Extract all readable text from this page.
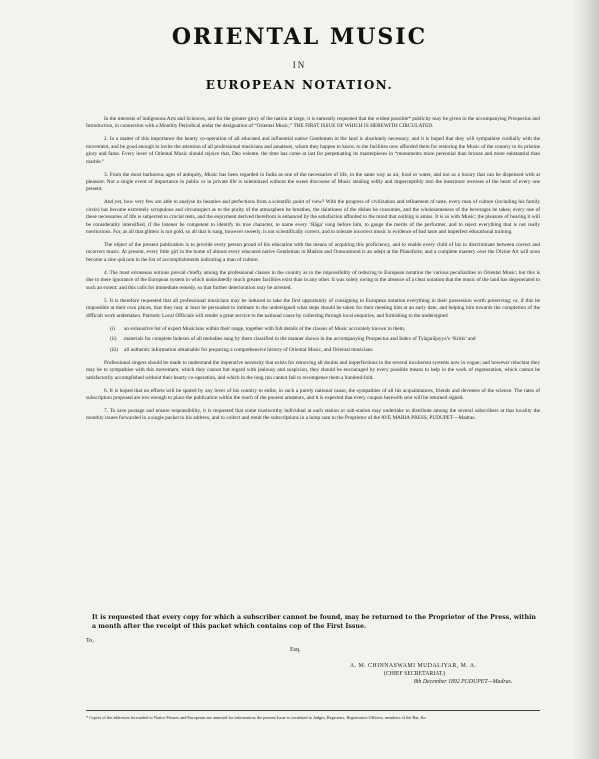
ORIENTAL MUSIC
IN
EUROPEAN NOTATION.

In the interests of indigenous Arts and Sciences, and for the greater glory of the nation at large, it is earnestly requested that the widest possible* publicity may be given to the accompanying Prospectus and Introduction, in connection with a Monthly Periodical under the designation of “Oriental Music,” THE FIRST ISSUE OF WHICH IS HEREWITH CIRCULATED.

2. In a matter of this importance the hearty co-operation of all educated and influential native Gentlemen in the land is absolutely necessary, and it is hoped that they will sympathise cordially with the movement, and be good enough to invite the attention of all professional musicians and amateurs, whom they happen to know, to the facilities now afforded them for restoring the Music of the country to its pristine glory and fame. Every lover of Oriental Music should rejoice that, Deo volente, the time has come at last for perpetuating its masterpieces in “monuments more perennial than bronze and more substantial than marble.”

3. From the most barbarous ages of antiquity, Music has been regarded in India as one of the necessaries of life, in the same way as air, food or water, and not as a luxury that can be dispensed with at pleasure. Not a single event of importance in public or in private life is solemnized without the sweet discourse of Music stealing softly and imperceptibly into the innermost recesses of the heart of every one present.

And yet, how very few are able to analyse its beauties and perfections from a scientific point of view? With the progress of civilization and refinement of taste, every man of culture (including his family circle) has become extremely scrupulous and circumspect as to the purity of the atmosphere he breathes, the daintiness of the dishes he consumes, and the wholesomeness of the beverages he takes; every one of these necessaries of life is subjected to crucial tests, and the enjoyment derived therefrom is enhanced by the satisfaction afforded to the mind that nothing is amiss. It is so with Music; the pleasure of hearing it will be considerably intensified, if the listener be competent to identify its true character, to name every ‘Rāga’ sung before him, to gauge the merits of the performer, and to reject everything that is not really meritorious. For, as all that glitters is not gold, so all that is sung, however sweetly, is not scientifically correct, and to tolerate incorrect music is evidence of bad taste and imperfect educational training.

The object of the present publication is to provide every person proud of his education with the means of acquiring this proficiency, and to enable every child of his to discriminate between correct and incorrect music. At present, every little girl in the home of almost every educated native Gentleman in Madras and Ootacamund is an adept at the Pianoforte, and a complete mastery over the Divine Art will soon become a sine quâ non in the list of accomplishments indicating a man of culture.

4. The most erroneous notions prevail chiefly among the professional classes in the country as to the impossibility of reducing to European notation the various peculiarities in Oriental Music; but this is due to mere ignorance of the European system in which undoubtedly much greater facilities exist than in any other. It was solely owing to the absence of a clear notation that the music of the land has degenerated to such an extent; and this calls for immediate remedy, so that further deterioration may be arrested.

5. It is therefore requested that all professional musicians may be induced to take the first opportunity of consigning to European notation everything in their possession worth preserving; or, if this be impossible at their own places, that they may at least be persuaded to intimate to the undersigned what steps should be taken for their meeting him at an early date, and helping him towards the completion of the difficult work undertaken. Patriotic Local Officials will render a great service to the national cause by collecting through local enquiries, and furnishing to the undersigned

(i)	an exhaustive list of expert Musicians within their range, together with full details of the classes of Music accurately known to them,
(ii)	materials for complete Indexes of all melodies sung by them classified in the manner shown in the accompanying Prospectus and Index of Tyāgarājayya’s ‘Kritis’ and
(iii)	all authentic information obtainable for preparing a comprehensive history of Oriental Music, and Oriental musicians.

Professional singers should be made to understand the imperative necessity that exists for removing all doubts and imperfections in the several incoherent systems now in vogue; and however reluctant they may be to sympathise with this movement, which they cannot but regard with jealousy and suspicion, they should be encouraged by every possible means to help in the work of regeneration, which cannot be satisfactorily accomplished without their hearty co-operation, and which in the long run cannot fail to recompense them a hundred-fold.

6. It is hoped that no efforts will be spared by any lover of his country to enlist, in such a purely national cause, the sympathies of all his acquaintances, friends and devotees of the science. The rates of subscription proposed are low enough to place the publication within the reach of the poorest amateurs, and it is expected that every coupon herewith sent will be returned signed.

7. To save postage and ensure responsibility, it is requested that some trustworthy individual at each station or sub-station may undertake to distribute among the several subscribers at that locality the monthly issues forwarded in a single packet to his address, and to collect and remit the subscriptions in a lump sum to the Proprietor of the AVE MARIA PRESS, PUDUPET—Madras.

It is requested that every copy for which a subscriber cannot be found, may be returned to the Proprietor of the Press, within a month after the receipt of this packet which contains cop of the First Issue.
To,
Esq.
A. M. CHINNASWAMI MUDALIYAR, M. A.
(CHIEF SECRETARIAT.)
8th December 1892 PUDUPET—Madras.
* Copies of the addresses forwarded to Native Princes and Europeans are annexed for information; the present Issue is circulated to Judges, Registrars, Registration Officers, members of the Bar, &c.
